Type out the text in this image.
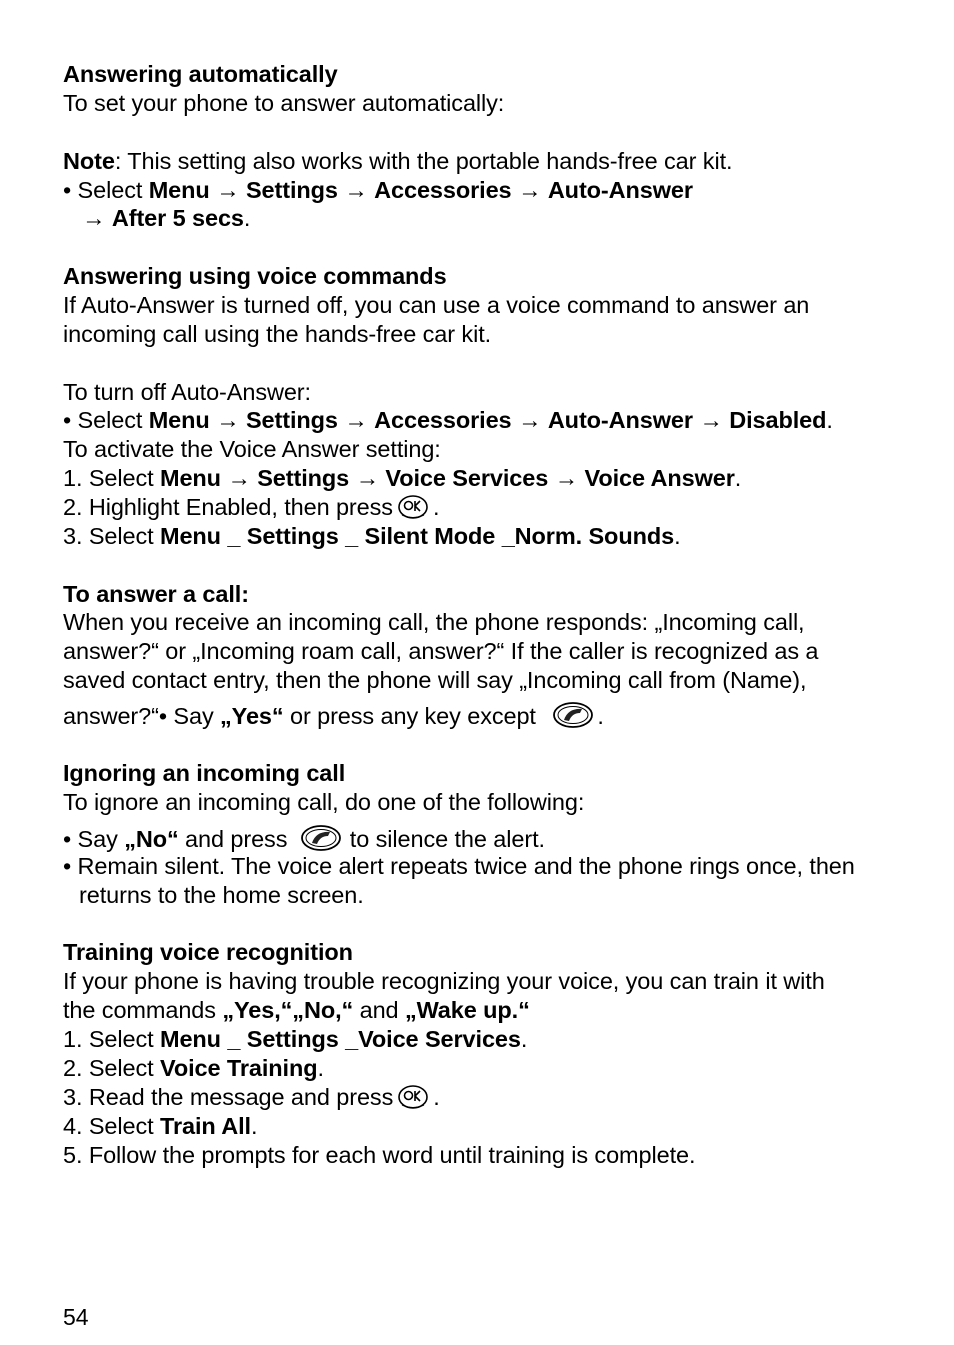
Answering automatically
To set your phone to answer automatically:
Note: This setting also works with the portable hands-free car kit.
• Select Menu → Settings → Accessories → Auto-Answer
→ After 5 secs.
Answering using voice commands
If Auto-Answer is turned off, you can use a voice command to answer an
incoming call using the hands-free car kit.
To turn off Auto-Answer:
• Select Menu → Settings → Accessories → Auto-Answer → Disabled.
To activate the Voice Answer setting:
1. Select Menu → Settings → Voice Services → Voice Answer.
2. Highlight Enabled, then press .
3. Select Menu _ Settings _ Silent Mode _Norm. Sounds.
To answer a call:
When you receive an incoming call, the phone responds: „Incoming call,
answer?“ or „Incoming roam call, answer?“ If the caller is recognized as a
saved contact entry, then the phone will say „Incoming call from (Name),
answer?“• Say „Yes“ or press any key except	.
Ignoring an incoming call
To ignore an incoming call, do one of the following:
• Say „No“ and press	to silence the alert.
• Remain silent. The voice alert repeats twice and the phone rings once, then
returns to the home screen.
Training voice recognition
If your phone is having trouble recognizing your voice, you can train it with
the commands „Yes,“„No,“ and „Wake up.“
1. Select Menu _ Settings _Voice Services.
2. Select Voice Training.
3. Read the message and press .
4. Select Train All.
5. Follow the prompts for each word until training is complete.
54
